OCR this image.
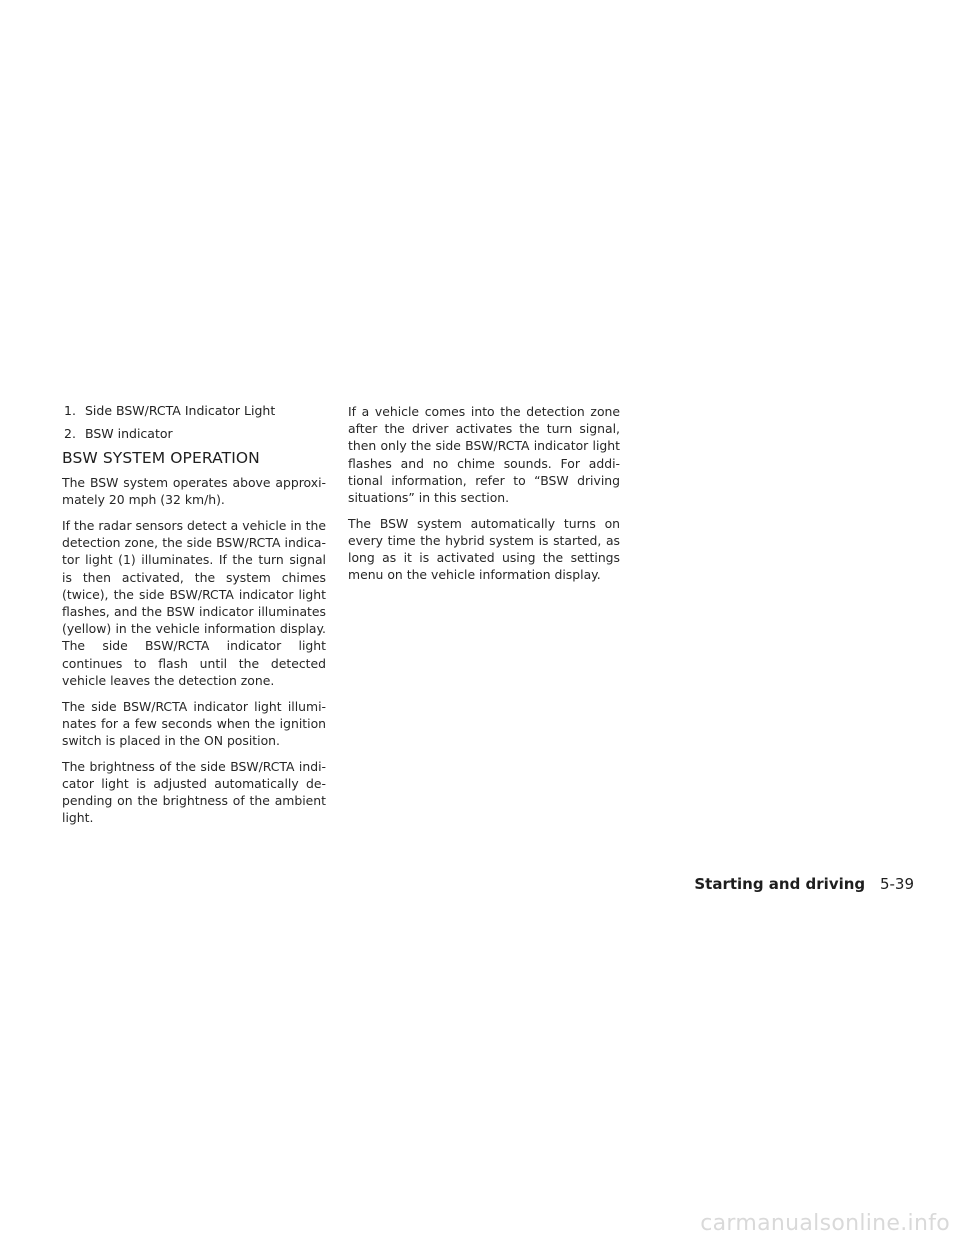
1. Side BSW/RCTA Indicator Light
2. BSW indicator
BSW SYSTEM OPERATION

The BSW system operates above approxi-mately 20 mph (32 km/h).

If the radar sensors detect a vehicle in the detection zone, the side BSW/RCTA indica-tor light (1) illuminates. If the turn signal is then activated, the system chimes (twice), the side BSW/RCTA indicator light flashes, and the BSW indicator illuminates (yellow) in the vehicle information display. The side BSW/RCTA indicator light continues to flash until the detected vehicle leaves the detection zone.

The side BSW/RCTA indicator light illumi-nates for a few seconds when the ignition switch is placed in the ON position.

The brightness of the side BSW/RCTA indi-cator light is adjusted automatically de-pending on the brightness of the ambient light.

If a vehicle comes into the detection zone after the driver activates the turn signal, then only the side BSW/RCTA indicator light flashes and no chime sounds. For addi-tional information, refer to “BSW driving situations” in this section.

The BSW system automatically turns on every time the hybrid system is started, as long as it is activated using the settings menu on the vehicle information display.

Starting and driving 5-39
carmanualsonline.info
